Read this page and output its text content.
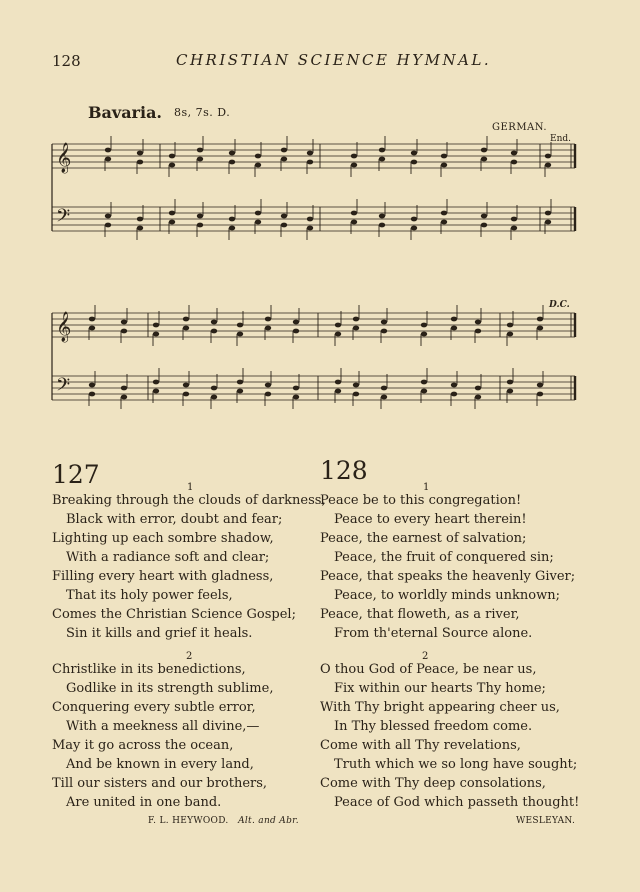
128	CHRISTIAN SCIENCE HYMNAL.
Bavaria. 8s, 7s. D.
GERMAN.
End.
D.C.
𝄞
𝄢
𝄞
𝄢
127	1
Breaking through the clouds of darkness,
Black with error, doubt and fear;
Lighting up each sombre shadow,
With a radiance soft and clear;
Filling every heart with gladness,
That its holy power feels,
Comes the Christian Science Gospel;
Sin it kills and grief it heals.
2
Christlike in its benedictions,
Godlike in its strength sublime,
Conquering every subtle error,
With a meekness all divine,—
May it go across the ocean,
And be known in every land,
Till our sisters and our brothers,
Are united in one band.
F. L. HEYWOOD. Alt. and Abr.
128
1
Peace be to this congregation!
Peace to every heart therein!
Peace, the earnest of salvation;
Peace, the fruit of conquered sin;
Peace, that speaks the heavenly Giver;
Peace, to worldly minds unknown;
Peace, that floweth, as a river,
From th'eternal Source alone.
2
O thou God of Peace, be near us,
Fix within our hearts Thy home;
With Thy bright appearing cheer us,
In Thy blessed freedom come.
Come with all Thy revelations,
Truth which we so long have sought;
Come with Thy deep consolations,
Peace of God which passeth thought!
WESLEYAN.
